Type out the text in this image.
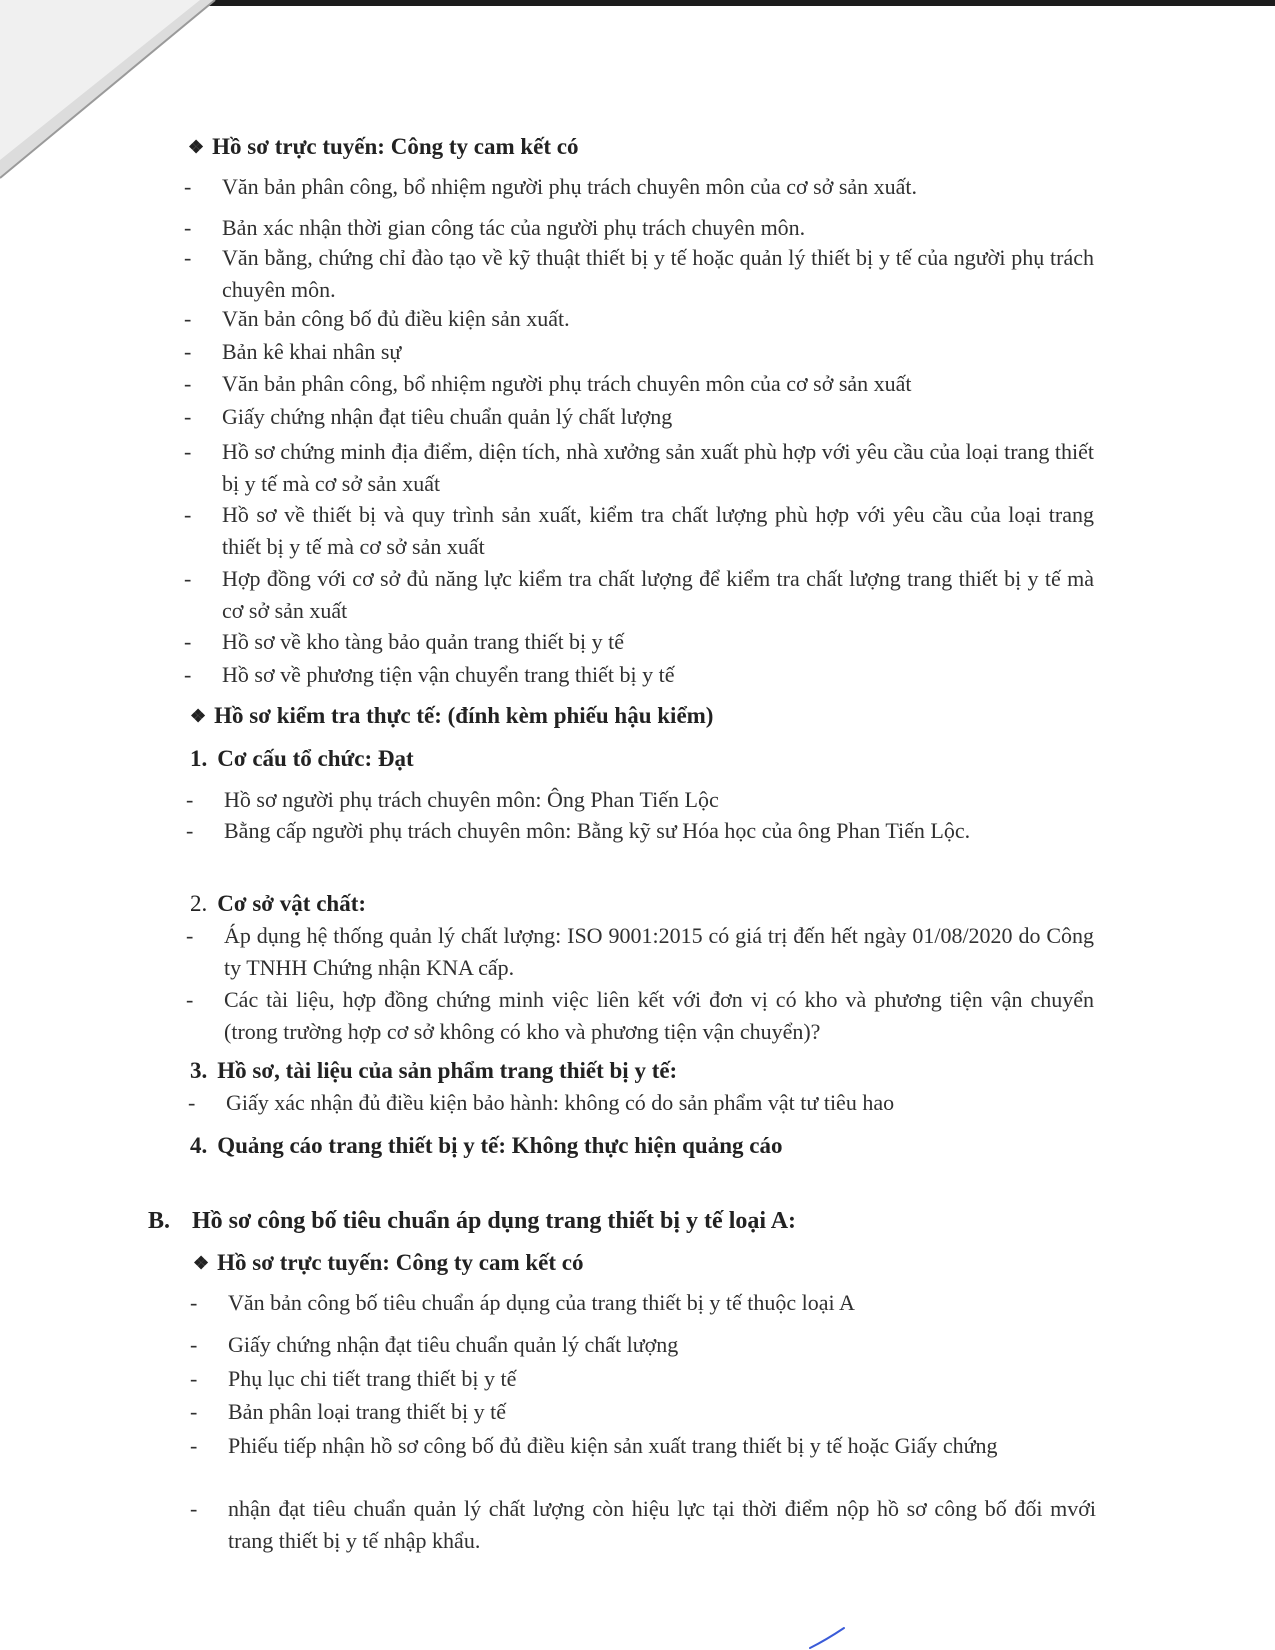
❖ Hồ sơ trực tuyến: Công ty cam kết có
- Văn bản phân công, bổ nhiệm người phụ trách chuyên môn của cơ sở sản xuất.
- Bản xác nhận thời gian công tác của người phụ trách chuyên môn.
- Văn bằng, chứng chỉ đào tạo về kỹ thuật thiết bị y tế hoặc quản lý thiết bị y tế của người phụ trách chuyên môn.
- Văn bản công bố đủ điều kiện sản xuất.
- Bản kê khai nhân sự
- Văn bản phân công, bổ nhiệm người phụ trách chuyên môn của cơ sở sản xuất
- Giấy chứng nhận đạt tiêu chuẩn quản lý chất lượng
- Hồ sơ chứng minh địa điểm, diện tích, nhà xưởng sản xuất phù hợp với yêu cầu của loại trang thiết bị y tế mà cơ sở sản xuất
- Hồ sơ về thiết bị và quy trình sản xuất, kiểm tra chất lượng phù hợp với yêu cầu của loại trang thiết bị y tế mà cơ sở sản xuất
- Hợp đồng với cơ sở đủ năng lực kiểm tra chất lượng để kiểm tra chất lượng trang thiết bị y tế mà cơ sở sản xuất
- Hồ sơ về kho tàng bảo quản trang thiết bị y tế
- Hồ sơ về phương tiện vận chuyển trang thiết bị y tế
❖ Hồ sơ kiểm tra thực tế: (đính kèm phiếu hậu kiểm)
1. Cơ cấu tổ chức: Đạt
- Hồ sơ người phụ trách chuyên môn: Ông Phan Tiến Lộc
- Bằng cấp người phụ trách chuyên môn: Bằng kỹ sư Hóa học của ông Phan Tiến Lộc.
2. Cơ sở vật chất:
- Áp dụng hệ thống quản lý chất lượng: ISO 9001:2015 có giá trị đến hết ngày 01/08/2020 do Công ty TNHH Chứng nhận KNA cấp.
- Các tài liệu, hợp đồng chứng minh việc liên kết với đơn vị có kho và phương tiện vận chuyển (trong trường hợp cơ sở không có kho và phương tiện vận chuyển)?
3. Hồ sơ, tài liệu của sản phẩm trang thiết bị y tế:
- Giấy xác nhận đủ điều kiện bảo hành: không có do sản phẩm vật tư tiêu hao
4. Quảng cáo trang thiết bị y tế: Không thực hiện quảng cáo
B. Hồ sơ công bố tiêu chuẩn áp dụng trang thiết bị y tế loại A:
❖ Hồ sơ trực tuyến: Công ty cam kết có
- Văn bản công bố tiêu chuẩn áp dụng của trang thiết bị y tế thuộc loại A
- Giấy chứng nhận đạt tiêu chuẩn quản lý chất lượng
- Phụ lục chi tiết trang thiết bị y tế
- Bản phân loại trang thiết bị y tế
- Phiếu tiếp nhận hồ sơ công bố đủ điều kiện sản xuất trang thiết bị y tế hoặc Giấy chứng
- nhận đạt tiêu chuẩn quản lý chất lượng còn hiệu lực tại thời điểm nộp hồ sơ công bố đối mvới trang thiết bị y tế nhập khẩu.
